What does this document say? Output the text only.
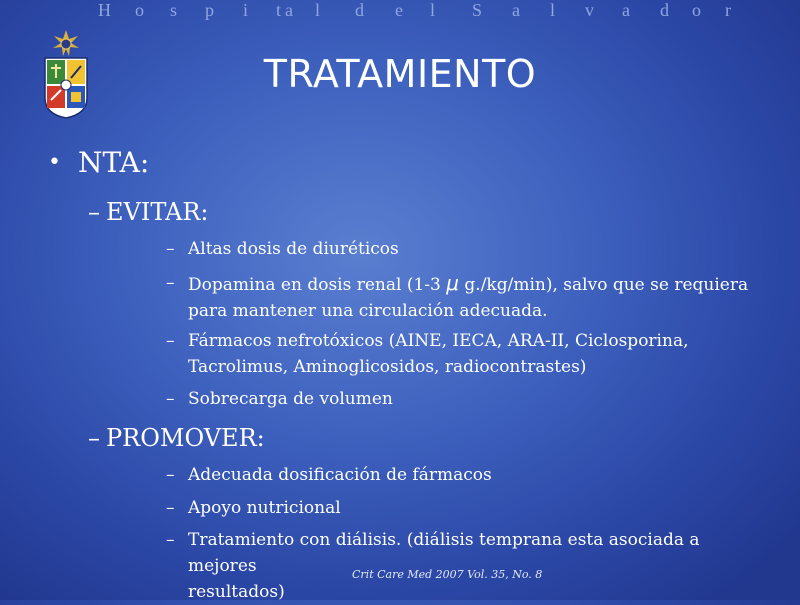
H o s p i t a l d e l S a l v a d o r
TRATAMIENTO
• NTA:
– EVITAR:
– Altas dosis de diuréticos
– Dopamina en dosis renal (1-3 μ g./kg/min), salvo que se requiera
para mantener una circulación adecuada.
– Fármacos nefrotóxicos (AINE, IECA, ARA-II, Ciclosporina,
Tacrolimus, Aminoglicosidos, radiocontrastes)
– Sobrecarga de volumen
– PROMOVER:
– Adecuada dosificación de fármacos
– Apoyo nutricional
– Tratamiento con diálisis. (diálisis temprana esta asociada a mejores
resultados)
Crit Care Med 2007 Vol. 35, No. 8
